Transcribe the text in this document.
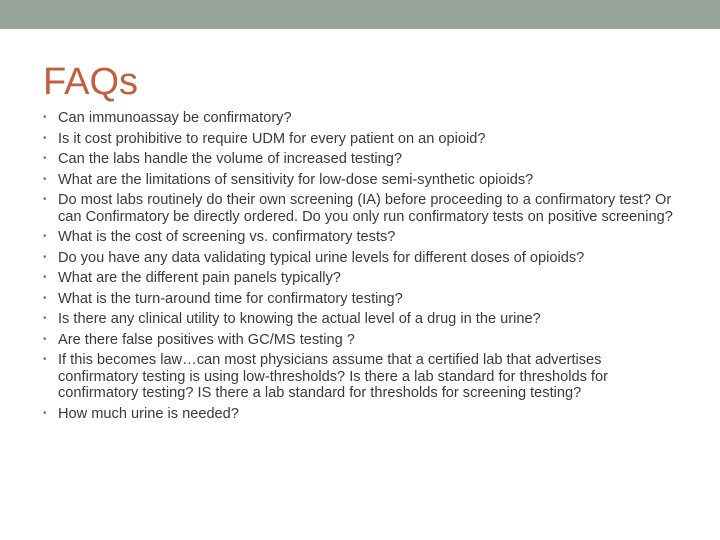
FAQs
• Can immunoassay be confirmatory?
• Is it cost prohibitive to require UDM for every patient on an opioid?
• Can the labs handle the volume of increased testing?
• What are the limitations of sensitivity for low-dose semi-synthetic opioids?
• Do most labs routinely do their own screening (IA) before proceeding to a confirmatory test? Or can Confirmatory be directly ordered. Do you only run confirmatory tests on positive screening?
• What is the cost of screening vs. confirmatory tests?
• Do you have any data validating typical urine levels for different doses of opioids?
• What are the different pain panels typically?
• What is the turn-around time for confirmatory testing?
• Is there any clinical utility to knowing the actual level of a drug in the urine?
• Are there false positives with GC/MS testing ?
• If this becomes law…can most physicians assume that a certified lab that advertises confirmatory testing is using low-thresholds? Is there a lab standard for thresholds for confirmatory testing? IS there a lab standard for thresholds for screening testing?
• How much urine is needed?
